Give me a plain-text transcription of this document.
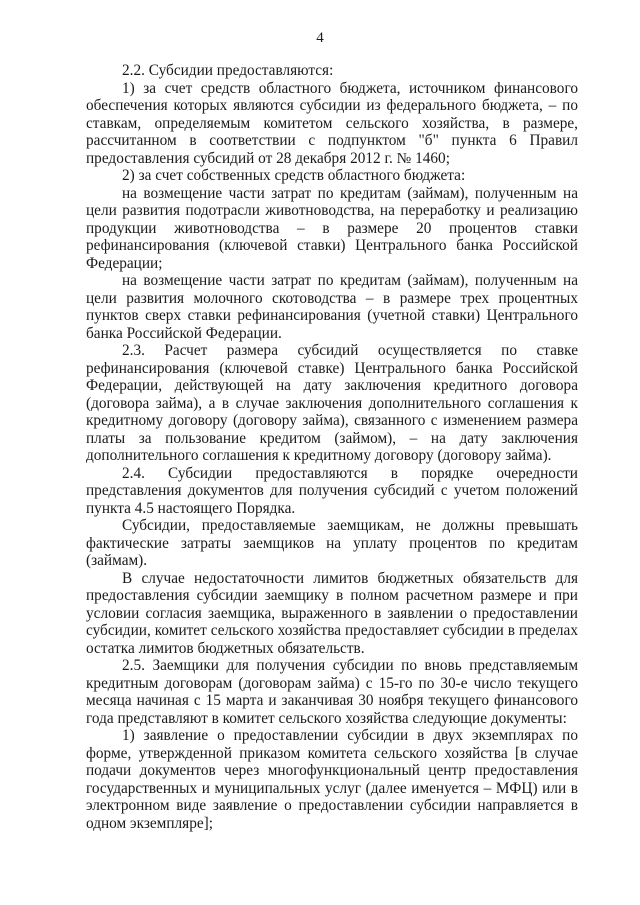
4

2.2. Субсидии предоставляются:

1) за счет средств областного бюджета, источником финансового обеспечения которых являются субсидии из федерального бюджета, – по ставкам, определяемым комитетом сельского хозяйства, в размере, рассчитанном в соответствии с подпунктом "б" пункта 6 Правил предоставления субсидий от 28 декабря 2012 г. № 1460;

2) за счет собственных средств областного бюджета:

на возмещение части затрат по кредитам (займам), полученным на цели развития подотрасли животноводства, на переработку и реализацию продукции животноводства – в размере 20 процентов ставки рефинансирования (ключевой ставки) Центрального банка Российской Федерации;

на возмещение части затрат по кредитам (займам), полученным на цели развития молочного скотоводства – в размере трех процентных пунктов сверх ставки рефинансирования (учетной ставки) Центрального банка Российской Федерации.

2.3. Расчет размера субсидий осуществляется по ставке рефинансирования (ключевой ставке) Центрального банка Российской Федерации, действующей на дату заключения кредитного договора (договора займа), а в случае заключения дополнительного соглашения к кредитному договору (договору займа), связанного с изменением размера платы за пользование кредитом (займом), – на дату заключения дополнительного соглашения к кредитному договору (договору займа).

2.4. Субсидии предоставляются в порядке очередности представления документов для получения субсидий с учетом положений пункта 4.5 настоящего Порядка.

Субсидии, предоставляемые заемщикам, не должны превышать фактические затраты заемщиков на уплату процентов по кредитам (займам).

В случае недостаточности лимитов бюджетных обязательств для предоставления субсидии заемщику в полном расчетном размере и при условии согласия заемщика, выраженного в заявлении о предоставлении субсидии, комитет сельского хозяйства предоставляет субсидии в пределах остатка лимитов бюджетных обязательств.

2.5. Заемщики для получения субсидии по вновь представляемым кредитным договорам (договорам займа) с 15-го по 30-е число текущего месяца начиная с 15 марта и заканчивая 30 ноября текущего финансового года представляют в комитет сельского хозяйства следующие документы:

1) заявление о предоставлении субсидии в двух экземплярах по форме, утвержденной приказом комитета сельского хозяйства [в случае подачи документов через многофункциональный центр предоставления государственных и муниципальных услуг (далее именуется – МФЦ) или в электронном виде заявление о предоставлении субсидии направляется в одном экземпляре];
